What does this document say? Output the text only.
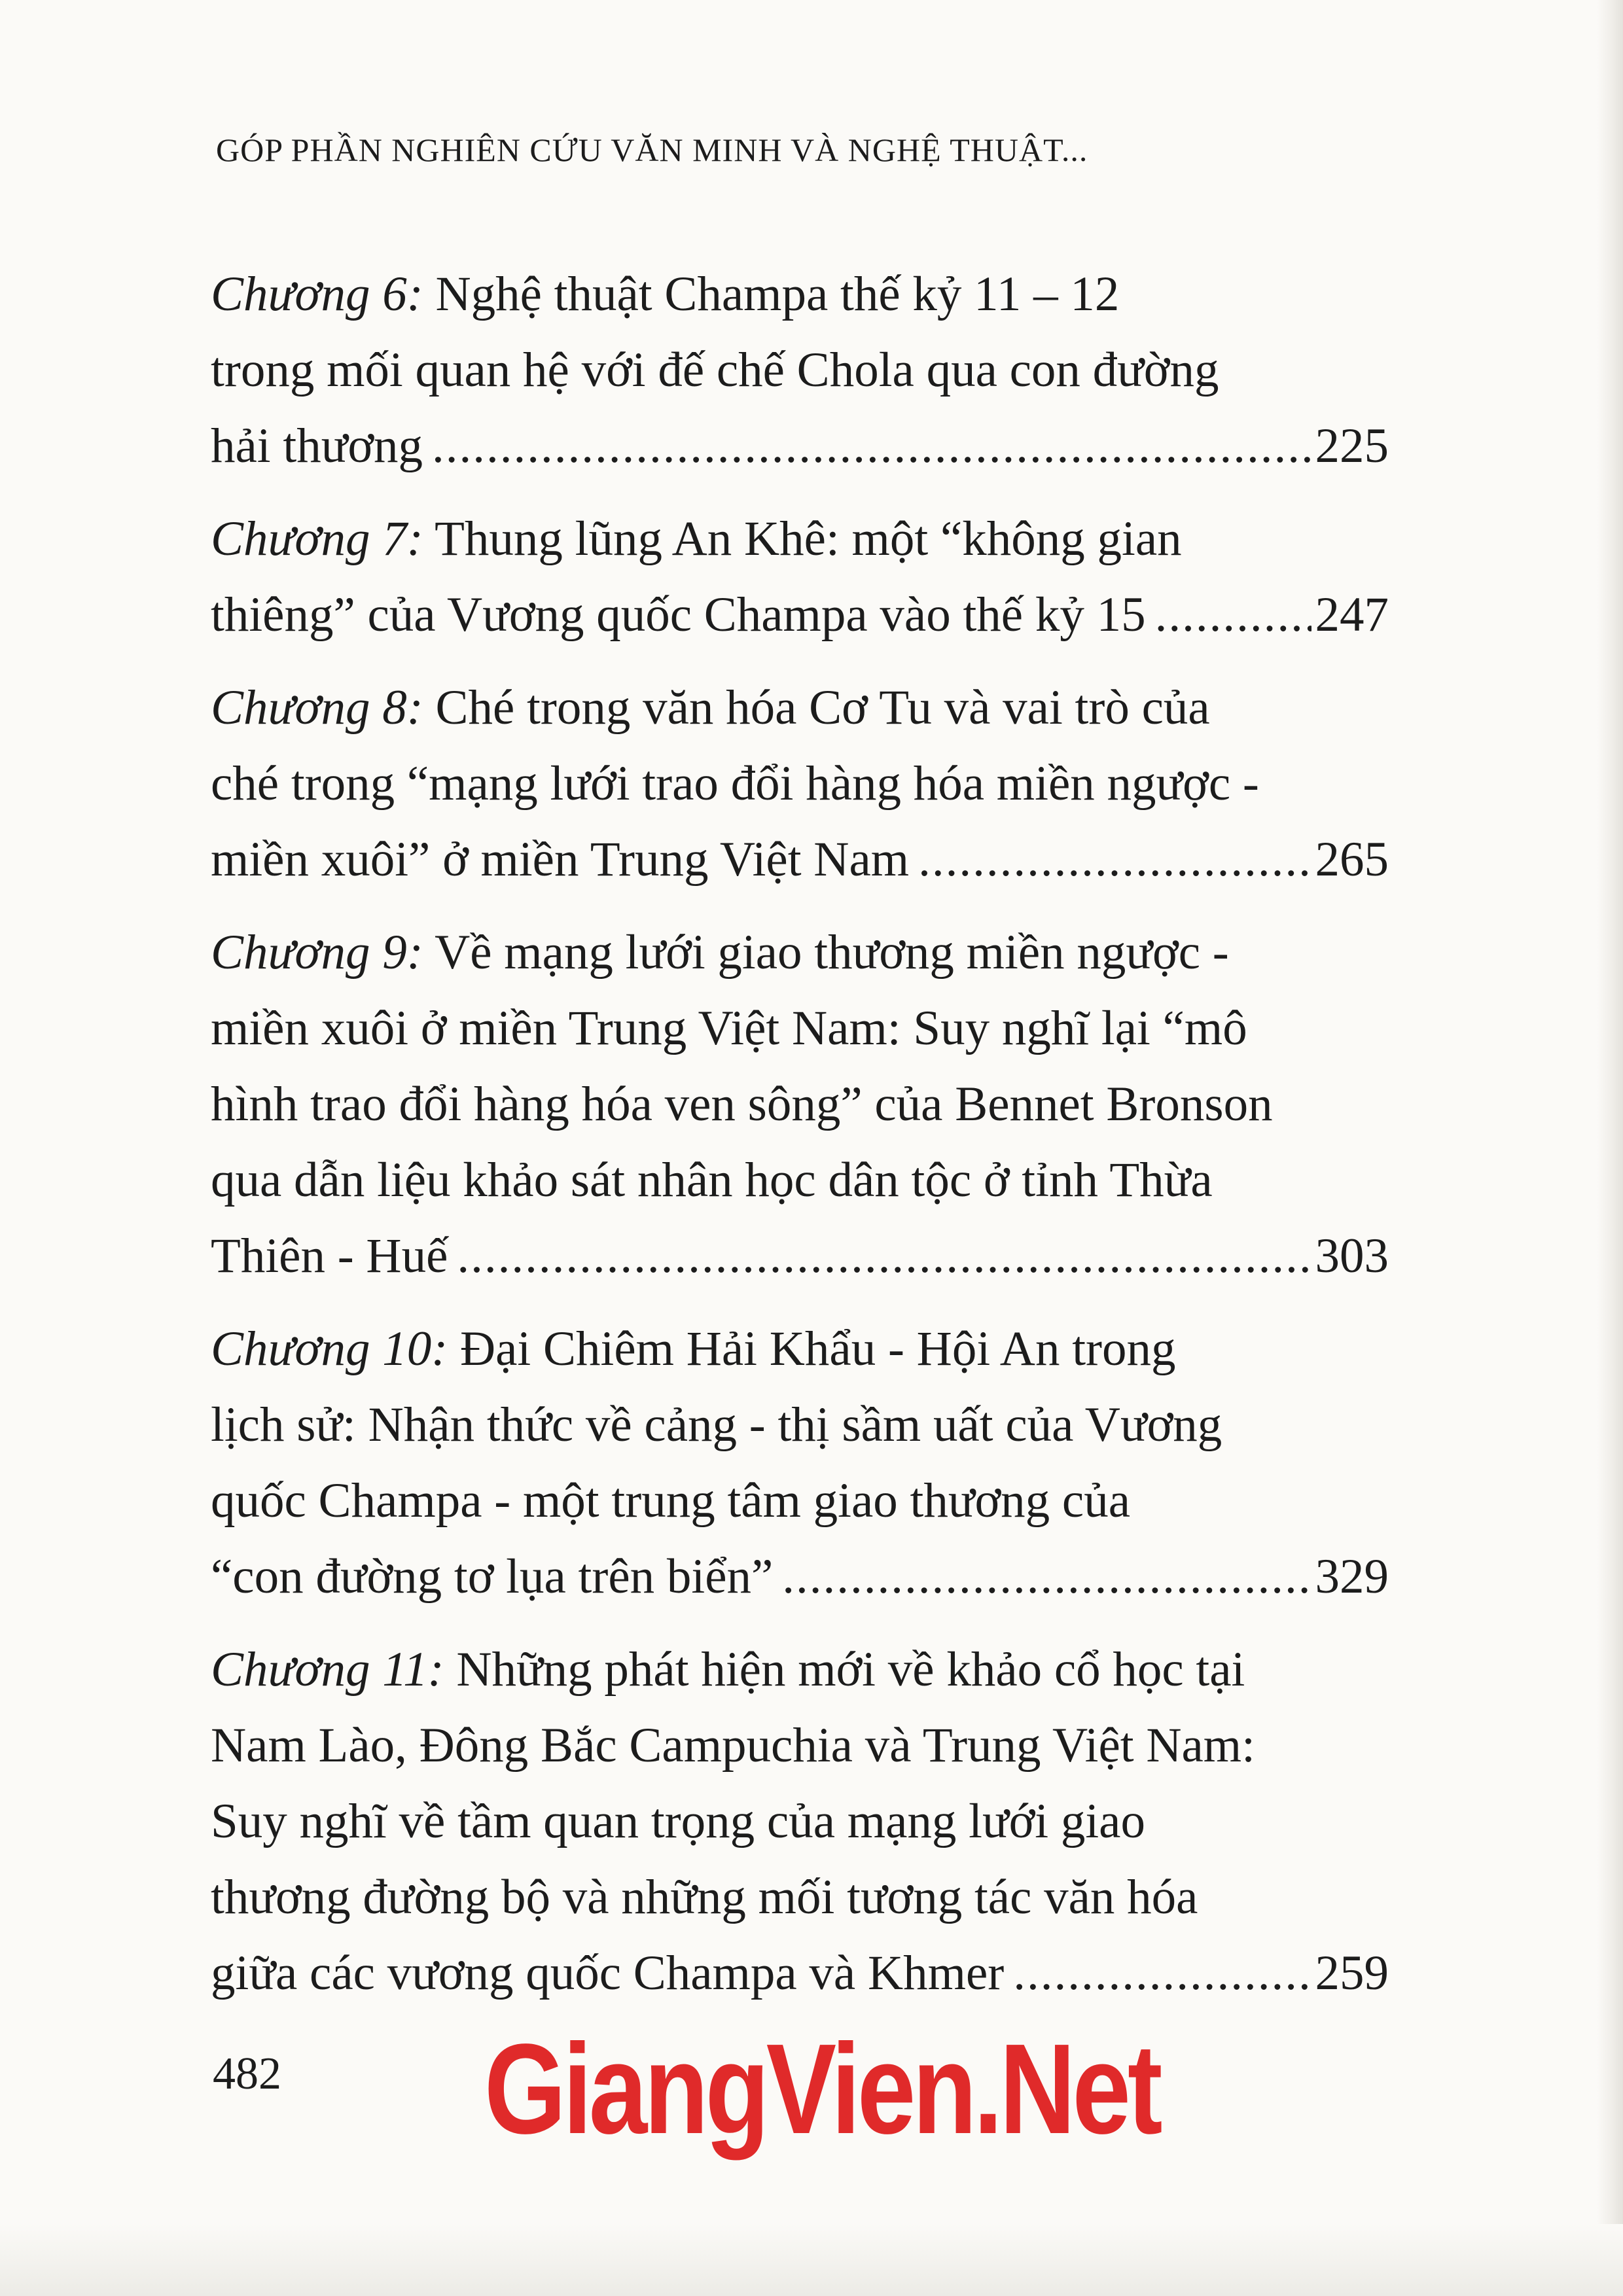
GÓP PHẦN NGHIÊN CỨU VĂN MINH VÀ NGHỆ THUẬT...
Chương 6: Nghệ thuật Champa thế kỷ 11 – 12
trong mối quan hệ với đế chế Chola qua con đường
hải thương .....	225
Chương 7: Thung lũng An Khê: một “không gian
thiêng” của Vương quốc Champa vào thế kỷ 15 .....	247
Chương 8: Ché trong văn hóa Cơ Tu và vai trò của
ché trong “mạng lưới trao đổi hàng hóa miền ngược -
miền xuôi” ở miền Trung Việt Nam .....	265
Chương 9: Về mạng lưới giao thương miền ngược -
miền xuôi ở miền Trung Việt Nam: Suy nghĩ lại “mô
hình trao đổi hàng hóa ven sông” của Bennet Bronson
qua dẫn liệu khảo sát nhân học dân tộc ở tỉnh Thừa
Thiên - Huế .....	303
Chương 10: Đại Chiêm Hải Khẩu - Hội An trong
lịch sử: Nhận thức về cảng - thị sầm uất của Vương
quốc Champa - một trung tâm giao thương của
“con đường tơ lụa trên biển” .....	329
Chương 11: Những phát hiện mới về khảo cổ học tại
Nam Lào, Đông Bắc Campuchia và Trung Việt Nam:
Suy nghĩ về tầm quan trọng của mạng lưới giao
thương đường bộ và những mối tương tác văn hóa
giữa các vương quốc Champa và Khmer .....	259
482 GiangVien.Net
